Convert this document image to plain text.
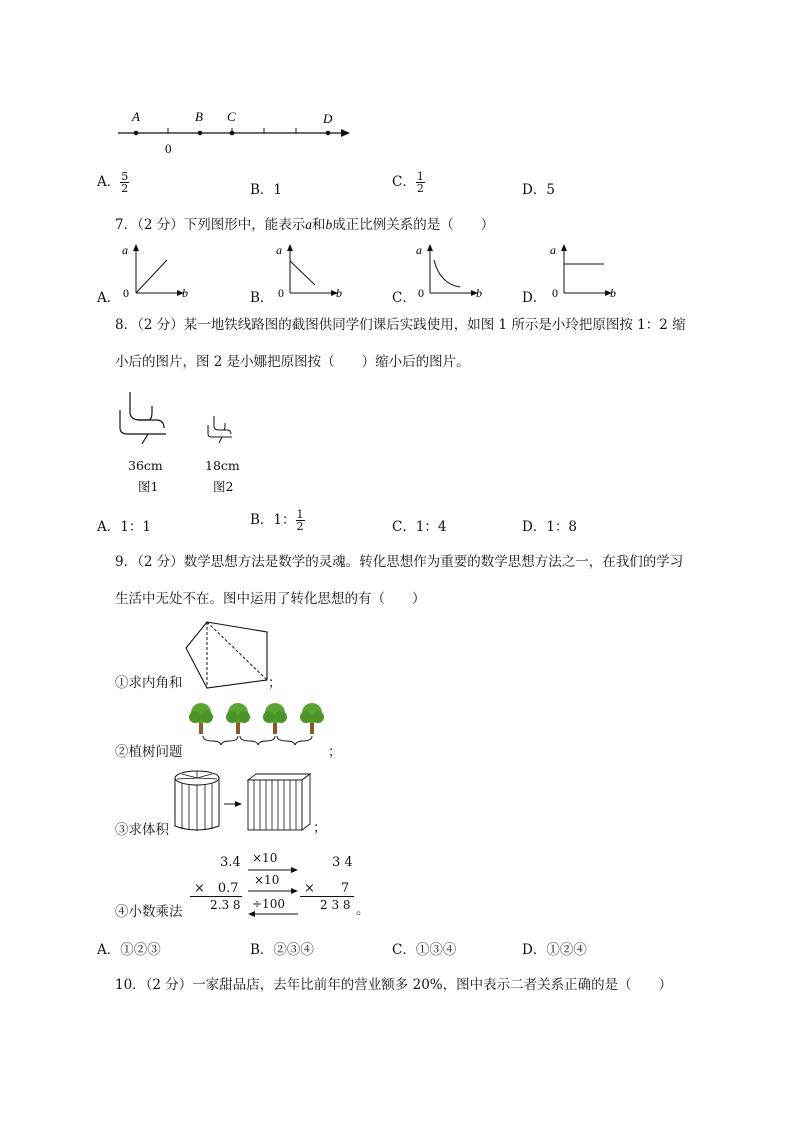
A	B C	D
0
A． $\frac{5}{2}$	B．1	C． $\frac{1}{2}$	D．5
7．（2 分）下列图形中，能表示a和b成正比例关系的是（　　）
A．
a
0	b	B．
a
0	b	C．
a
0	b	D．
a
0	b
8．（2 分）某一地铁线路图的截图供同学们课后实践使用，如图 1 所示是小玲把原图按 1：2 缩
小后的图片，图 2 是小娜把原图按（　　）缩小后的图片。
36cm
图1
18cm
图2
A．1：1	B．1： $\frac{1}{2}$	C．1：4	D．1：8
9．（2 分）数学思想方法是数学的灵魂。转化思想作为重要的数学思想方法之一，在我们的学习
生活中无处不在。图中运用了转化思想的有（　　）
①求内角和	；
②植树问题	；
③求体积	；
3.4
×　0.7
2.3 8
×10
×10
÷100
3 4
×　　7
2 3 8
④小数乘法	。
A．①②③	B．②③④	C．①③④	D．①②④
10．（2 分）一家甜品店，去年比前年的营业额多 20%，图中表示二者关系正确的是（　　）
